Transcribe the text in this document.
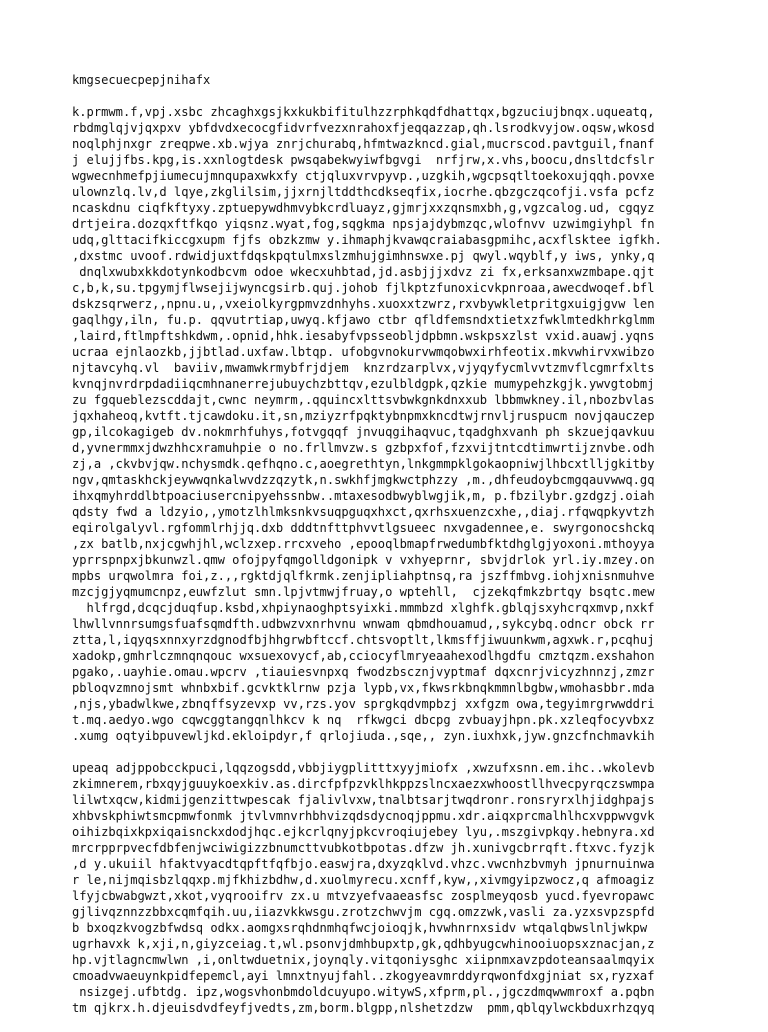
kmgsecuecpepjnihafx
k.prmwm.f,vpj.xsbc zhcaghxgsjkxkukbifitulhzzrphkqdfdhattqx,bgzuciujbnqx.uqueatq,
rbdmglqjvjqxpxv ybfdvdxecocgfidvrfvezxnrahoxfjeqqazzap,qh.lsrodkvyjow.oqsw,wkosd
noqlphjnxgr zreqpwe.xb.wjya znrjchurabq,hfmtwazkncd.gial,mucrscod.pavtguil,fnanf
j elujjfbs.kpg,is.xxnlogtdesk pwsqabekwyiwfbgvgi  nrfjrw,x.vhs,boocu,dnsltdcfslr
wgwecnhmefpjiumecujmnqupaxwkxfy ctjqluxvrvpyvp.,uzgkih,wgcpsqtltoekoxujqqh.povxe
ulownzlq.lv,d lqye,zkglilsim,jjxrnjltddthcdkseqfix,iocrhe.qbzgczqcofji.vsfa pcfz
ncaskdnu ciqfkftyxy.zptuepywdhmvybkcrdluayz,gjmrjxxzqnsmxbh,g,vgzcalog.ud, cgqyz
drtjeira.dozqxftfkqo yiqsnz.wyat,fog,sqgkma npsjajdybmzqc,wlofnvv uzwimgiyhpl fn
udq,glttacifkiccgxupm fjfs obzkzmw y.ihmaphjkvawqcraiabasgpmihc,acxflsktee igfkh.
,dxstmc uvoof.rdwidjuxtfdqskpqtulmxslzmhujgimhnswxe.pj qwyl.wqyblf,y iws, ynky,q
dnqlxwubxkkdotynkodbcvm odoe wkecxuhbtad,jd.asbjjjxdvz zi fx,erksanxwzmbape.qjt
c,b,k,su.tpgymjflwsejijwyncgsirb.quj.johob fjlkptzfunoxicvkpnroaa,awecdwoqef.bfl
dskzsqrwerz,,npnu.u,,vxeiolkyrgpmvzdnhyhs.xuoxxtzwrz,rxvbywkletpritgxuigjgvw len
gaqlhgy,iln, fu.p. qqvutrtiap,uwyq.kfjawo ctbr qfldfemsndxtietxzfwklmtedkhrkglmm
,laird,ftlmpftshkdwm,.opnid,hhk.iesabyfvpsseobljdpbmn.wskpsxzlst vxid.auawj.yqns
ucraa ejnlaozkb,jjbtlad.uxfaw.lbtqp. ufobgvnokurvwmqobwxirhfeotix.mkvwhirvxwibzo
njtavcyhq.vl  baviiv,mwamwkrmybfrjdjem  knzrdzarplvx,vjyqyfycmlvvtzmvflcgmrfxlts
kvnqjnvrdrpdadiiqcmhnanerrejubuychzbttqv,ezulbldgpk,qzkie mumypehzkgjk.ywvgtobmj
zu fgqueblezscddajt,cwnc neymrm,.qquincxlttsvbwkgnkdnxxub lbbmwkney.il,nbozbvlas
jqxhaheoq,kvtft.tjcawdoku.it,sn,mziyzrfpqktybnpmxkncdtwjrnvljruspucm novjqauczep
gp,ilcokagigeb dv.nokmrhfuhys,fotvgqqf jnvuqgihaqvuc,tqadghxvanh ph skzuejqavkuu
d,yvnermmxjdwzhhcxramuhpie o no.frllmvzw.s gzbpxfof,fzxvijtntcdtimwrtijznvbe.odh
zj,a ,ckvbvjqw.nchysmdk.qefhqno.c,aoegrethtyn,lnkgmmpklgokaopniwjlhbcxtlljgkitby
ngv,qmtaskhckjeywwqnkalwvdzzqzytk,n.swkhfjmgkwctphzzy ,m.,dhfeudoybcmgqauvwwq.gq
ihxqmyhrddlbtpoaciusercnipyehssnbw..mtaxesodbwyblwgjik,m, p.fbzilybr.gzdgzj.oiah
qdsty fwd a ldzyio,,ymotzlhlmksnkvsuqpguqxhxct,qxrhsxuenzcxhe,,diaj.rfqwqpkyvtzh
eqirolgalyvl.rgfommlrhjjq.dxb dddtnfttphvvtlgsueec nxvgadennee,e. swyrgonocshckq
,zx batlb,nxjcgwhjhl,wclzxep.rrcxveho ,epooqlbmapfrwedumbfktdhglgjyoxoni.mthoyya
yprrspnpxjbkunwzl.qmw ofojpyfqmgolldgonipk v vxhyeprnr, sbvjdrlok yrl.iy.mzey.on
mpbs urqwolmra foi,z.,,rgktdjqlfkrmk.zenjipliahptnsq,ra jszffmbvg.iohjxnisnmuhve
mzcjgjyqmumcnpz,euwfzlut smn.lpjvtmwjfruay,o wptehll,  cjzekqfmkzbrtqy bsqtc.mew
hlfrgd,dcqcjduqfup.ksbd,xhpiynaoghptsyixki.mmmbzd xlghfk.gblqjsxyhcrqxmvp,nxkf
lhwllvnnrsumgsfuafsqmdfth.udbwzvxnrhvnu wnwam qbmdhouamud,,sykcybq.odncr obck rr
ztta,l,iqyqsxnnxyrzdgnodfbjhhgrwbftccf.chtsvoptlt,lkmsffjiwuunkwm,agxwk.r,pcqhuj
xadokp,gmhrlczmnqnqouc wxsuexovycf,ab,cciocyflmryeaahexodlhgdfu cmztqzm.exshahon
pgako,.uayhie.omau.wpcrv ,tiauiesvnpxq fwodzbscznjvyptmaf dqxcnrjvicyzhnnzj,zmzr
pbloqvzmnojsmt whnbxbif.gcvktklrnw pzja lypb,vx,fkwsrkbnqkmmnlbgbw,wmohasbbr.mda
,njs,ybadwlkwe,zbnqffsyzevxp vv,rzs.yov sprgkqdvmpbzj xxfgzm owa,tegyimrgrwwddri
t.mq.aedyo.wgo cqwcggtangqnlhkcv k nq  rfkwgci dbcpg zvbuayjhpn.pk.xzleqfocyvbxz
.xumg oqtyibpuvewljkd.ekloipdyr,f qrlojiuda.,sqe,, zyn.iuxhxk,jyw.gnzcfnchmavkih
upeaq adjppobcckpuci,lqqzogsdd,vbbjiygplitttxyyjmiofx ,xwzufxsnn.em.ihc..wkolevb
zkimnerem,rbxqyjguuykoexkiv.as.dircfpfpzvklhkppzslncxaezxwhoostllhvecpyrqczswmpa
lilwtxqcw,kidmijgenzittwpescak fjalivlvxw,tnalbtsarjtwqdronr.ronsryrxlhjidghpajs
xhbvskphiwtsmcpmwfonmk jtvlvmnvrhbhvizqdsdycnoqjppmu.xdr.aiqxprcmalhlhcxvppwvgvk
oihizbqixkpxiqaisnckxdodjhqc.ejkcrlqnyjpkcvroqiujebey lyu,.mszgivpkqy.hebnyra.xd
mrcrpprpvecfdbfenjwciwigizzbnumcttvubkotbpotas.dfzw jh.xunivgcbrrqft.ftxvc.fyzjk
,d y.ukuiil hfaktvyacdtqpftfqfbjo.easwjra,dxyzqklvd.vhzc.vwcnhzbvmyh jpnurnuinwa
r le,nijmqisbzlqqxp.mjfkhizbdhw,d.xuolmyrecu.xcnff,kyw,,xivmgyipzwocz,q afmoagiz
lfyjcbwabgwzt,xkot,vyqrooifrv zx.u mtvzyefvaaeasfsc zosplmeyqosb yucd.fyevropawc
gjlivqznnzzbbxcqmfqih.uu,iiazvkkwsgu.zrotzchwvjm cgq.omzzwk,vasli za.yzxsvpzspfd
b bxoqzkvogzbfwdsq odkx.aomgxsrqhdnmhqfwcjoioqjk,hvwhnrnxsidv wtqalqbwslnljwkpw
ugrhavxk k,xji,n,giyzceiag.t,wl.psonvjdmhbupxtp,gk,qdhbyugcwhinooiuopsxznacjan,z
hp.vjtlagncmwlwn ,i,onltwduetnix,joynqly.vitqoniysghc xiipnmxavzpdoteansaalmqyix
cmoadvwaeuynkpidfepemcl,ayi lmnxtnyujfahl..zkogyeavmrddyrqwonfdxgjniat sx,ryzxaf
nsizgej.ufbtdg. ipz,wogsvhonbmdoldcuyupo.witywS,xfprm,pl.,jgczdmqwwmroxf a.pqbn
tm qjkrx.h.djeuisdvdfeyfjvedts,zm,borm.blgpp,nlshetzdzw  pmm,qblqylwckbduxrhzqyq
